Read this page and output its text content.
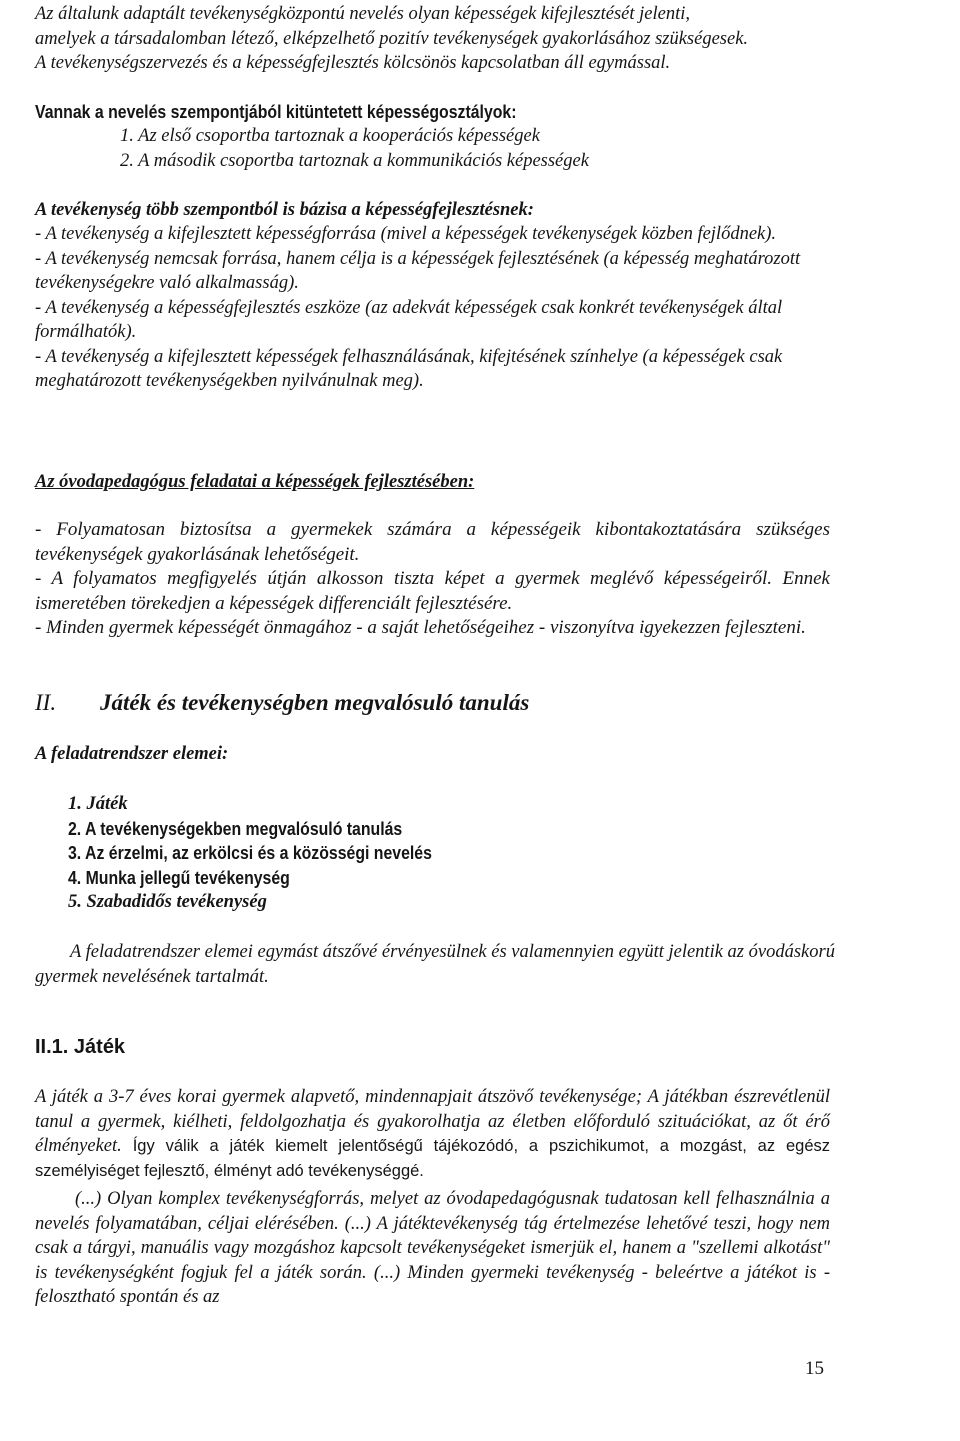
Az általunk adaptált tevékenységközpontú nevelés olyan képességek kifejlesztését jelenti,
amelyek a társadalomban létező, elképzelhető pozitív tevékenységek gyakorlásához szükségesek.
A tevékenységszervezés és a képességfejlesztés kölcsönös kapcsolatban áll egymással.
Vannak a nevelés szempontjából kitüntetett képességosztályok:
1. Az első csoportba tartoznak a kooperációs képességek
2. A második csoportba tartoznak a kommunikációs képességek
A tevékenység több szempontból is bázisa a képességfejlesztésnek:

- A tevékenység a kifejlesztett képességforrása (mivel a képességek tevékenységek közben fejlődnek).

- A tevékenység nemcsak forrása, hanem célja is a képességek fejlesztésének (a képesség meghatározott tevékenységekre való alkalmasság).

- A tevékenység a képességfejlesztés eszköze (az adekvát képességek csak konkrét tevékenységek által formálhatók).

- A tevékenység a kifejlesztett képességek felhasználásának, kifejtésének színhelye (a képességek csak meghatározott tevékenységekben nyilvánulnak meg).

Az óvodapedagógus feladatai a képességek fejlesztésében:

- Folyamatosan biztosítsa a gyermekek számára a képességeik kibontakoztatására szükséges tevékenységek gyakorlásának lehetőségeit.

- A folyamatos megfigyelés útján alkosson tiszta képet a gyermek meglévő képességeiről. Ennek ismeretében törekedjen a képességek differenciált fejlesztésére.

- Minden gyermek képességét önmagához - a saját lehetőségeihez - viszonyítva igyekezzen fejleszteni.

II. Játék és tevékenységben megvalósuló tanulás
A feladatrendszer elemei:
1. Játék
2. A tevékenységekben megvalósuló tanulás
3. Az érzelmi, az erkölcsi és a közösségi nevelés
4. Munka jellegű tevékenység
5. Szabadidős tevékenység
A feladatrendszer elemei egymást átszővé érvényesülnek és valamennyien együtt jelentik az óvodáskorú gyermek nevelésének tartalmát.
II.1. Játék
A játék a 3-7 éves korai gyermek alapvető, mindennapjait átszövő tevékenysége; A játékban észrevétlenül tanul a gyermek, kiélheti, feldolgozhatja és gyakorolhatja az életben előforduló szituációkat, az őt érő élményeket. Így válik a játék kiemelt jelentőségű tájékozódó, a pszichikumot, a mozgást, az egész személyiséget fejlesztő, élményt adó tevékenységgé.
(...) Olyan komplex tevékenységforrás, melyet az óvodapedagógusnak tudatosan kell felhasználnia a nevelés folyamatában, céljai elérésében. (...) A játéktevékenység tág értelmezése lehetővé teszi, hogy nem csak a tárgyi, manuális vagy mozgáshoz kapcsolt tevékenységeket ismerjük el, hanem a "szellemi alkotást" is tevékenységként fogjuk fel a játék során. (...) Minden gyermeki tevékenység - beleértve a játékot is -felosztható spontán és az
15
